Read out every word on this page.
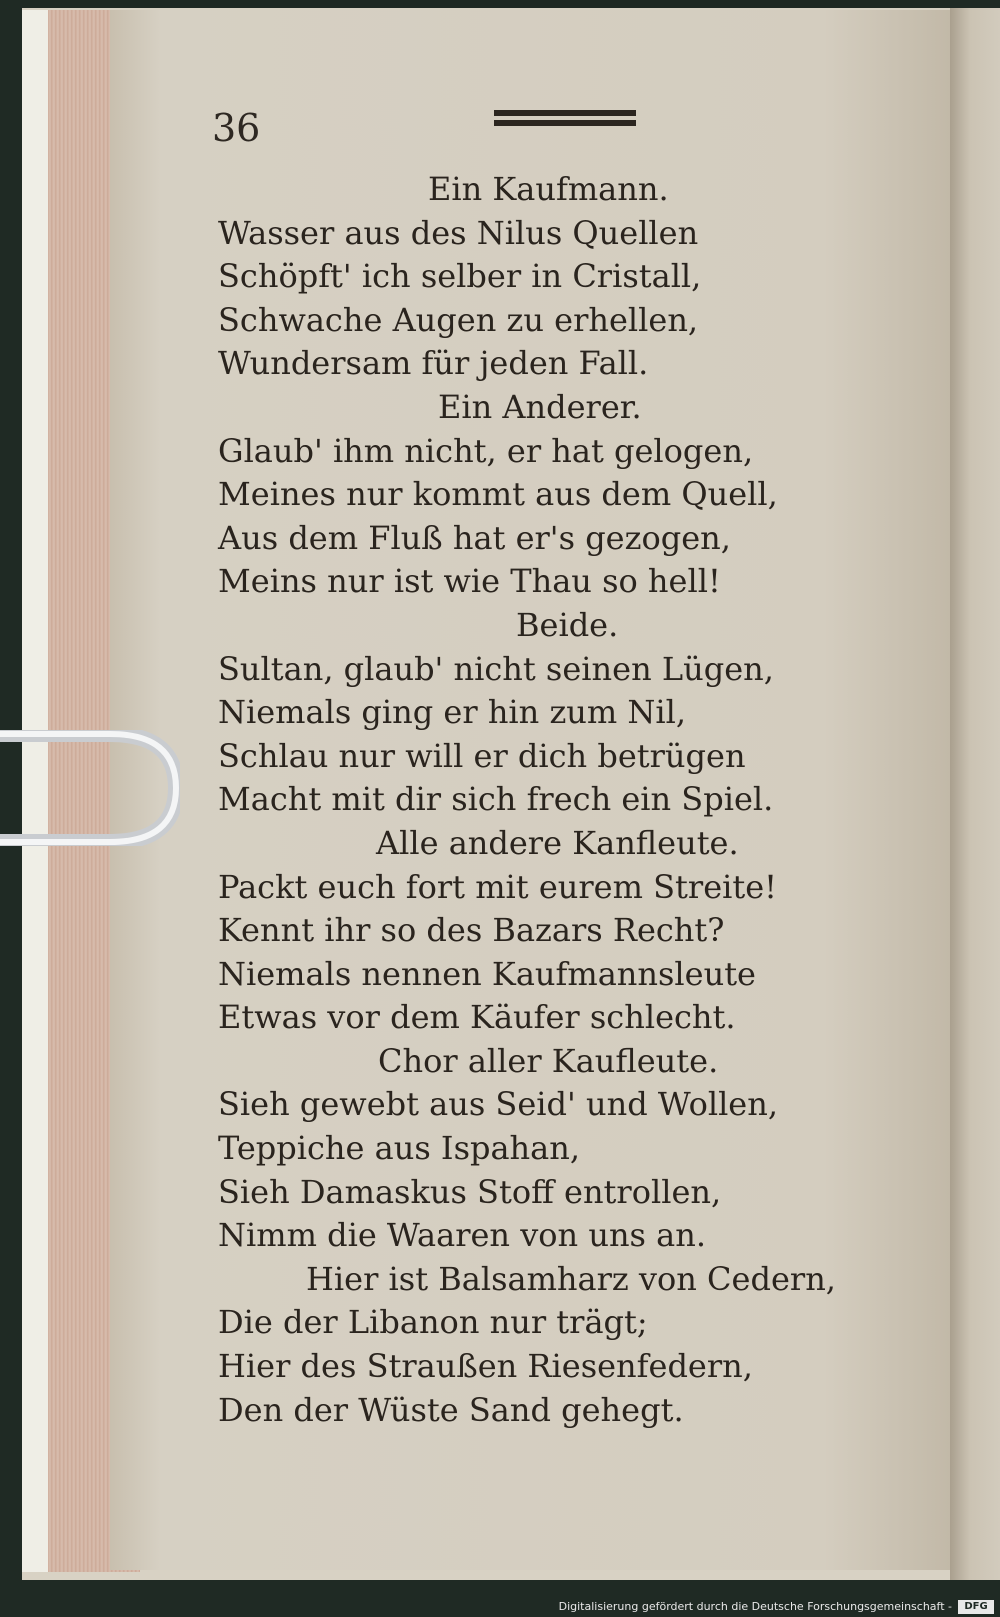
36
Ein Kaufmann.
Wasser aus des Nilus Quellen
Schöpft' ich selber in Cristall,
Schwache Augen zu erhellen,
Wundersam für jeden Fall.
Ein Anderer.
Glaub' ihm nicht, er hat gelogen,
Meines nur kommt aus dem Quell,
Aus dem Fluß hat er's gezogen,
Meins nur ist wie Thau so hell!
Beide.
Sultan, glaub' nicht seinen Lügen,
Niemals ging er hin zum Nil,
Schlau nur will er dich betrügen
Macht mit dir sich frech ein Spiel.
Alle andere Kanfleute.
Packt euch fort mit eurem Streite!
Kennt ihr so des Bazars Recht?
Niemals nennen Kaufmannsleute
Etwas vor dem Käufer schlecht.
Chor aller Kaufleute.
Sieh gewebt aus Seid' und Wollen,
Teppiche aus Ispahan,
Sieh Damaskus Stoff entrollen,
Nimm die Waaren von uns an.
Hier ist Balsamharz von Cedern,
Die der Libanon nur trägt;
Hier des Straußen Riesenfedern,
Den der Wüste Sand gehegt.
Digitalisierung gefördert durch die Deutsche Forschungsgemeinschaft -	DFG
